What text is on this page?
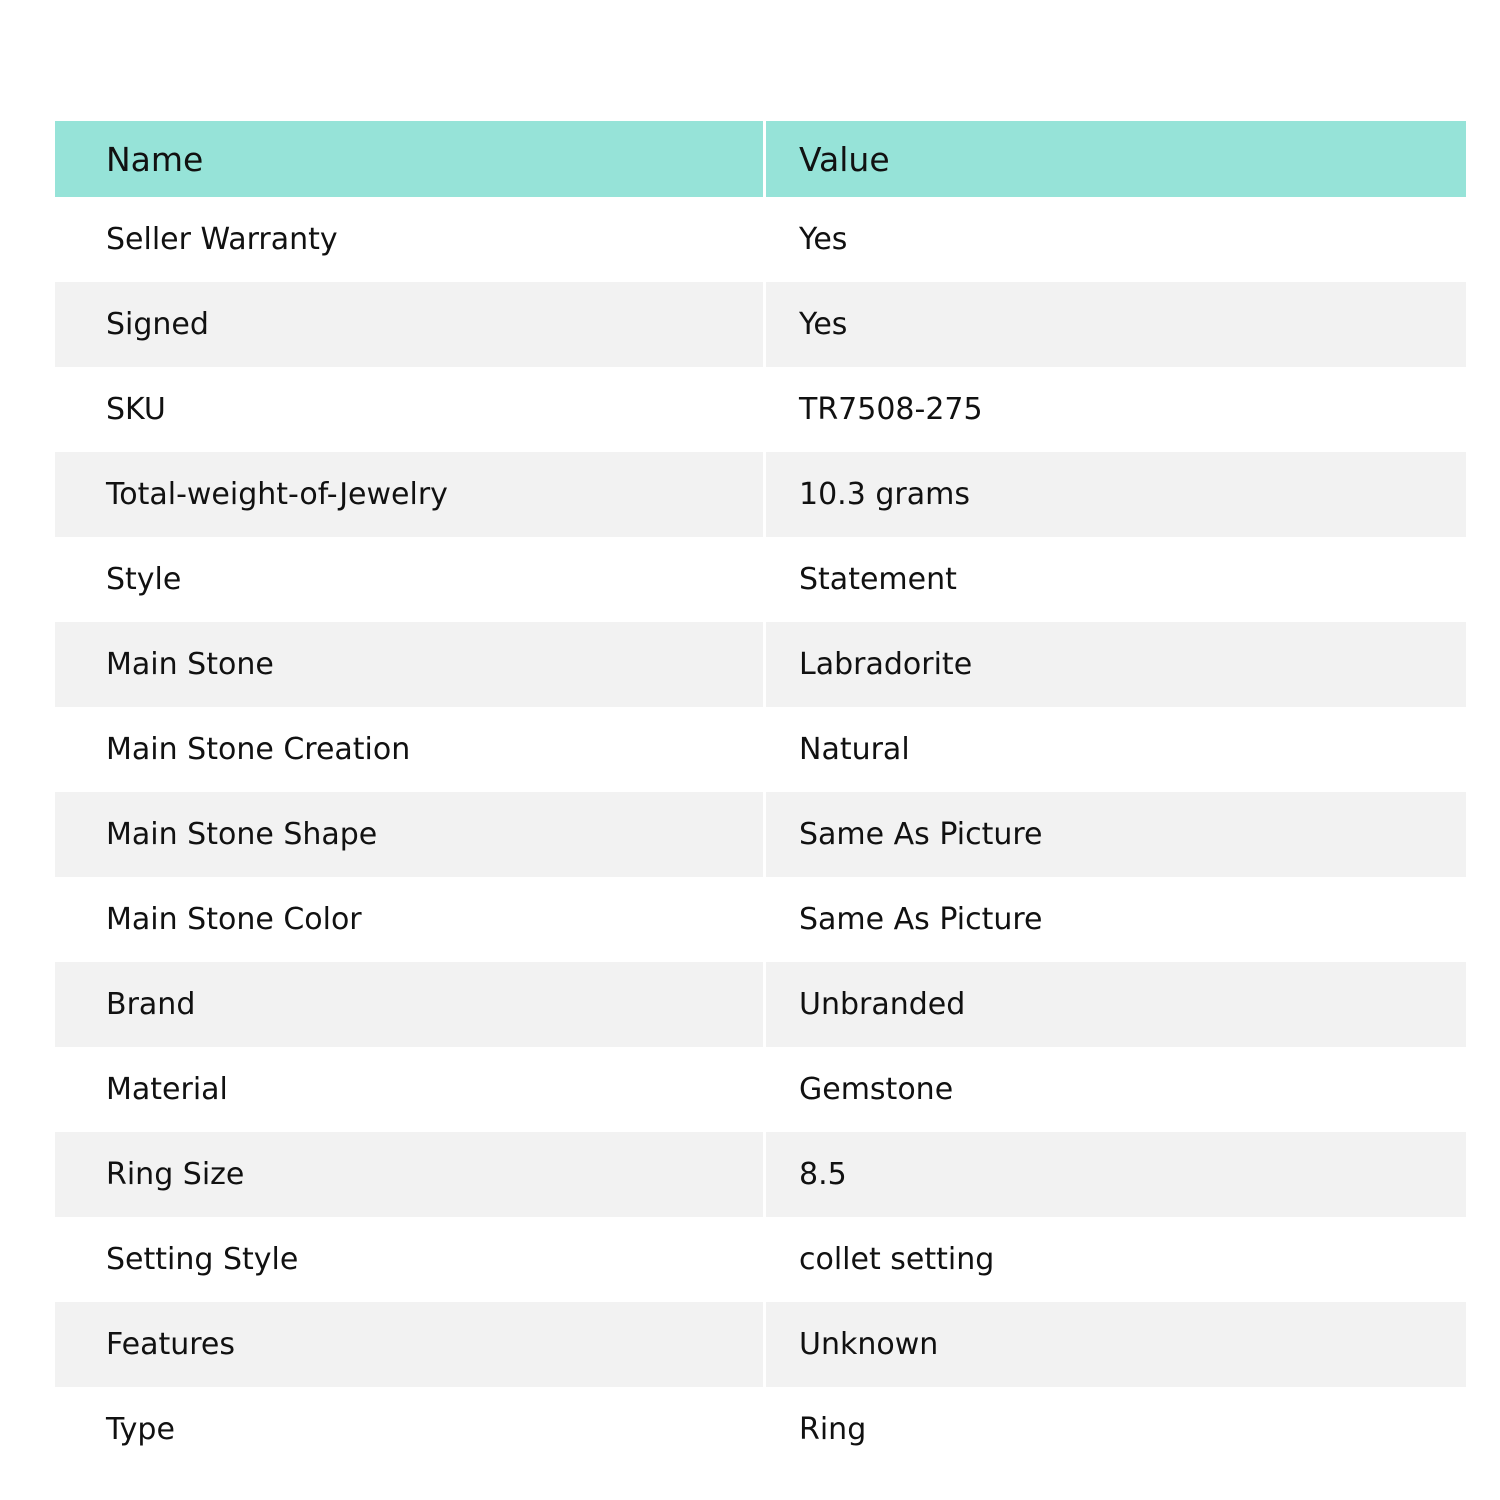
Name	Value
Seller Warranty	Yes
Signed	Yes
SKU	TR7508-275
Total-weight-of-Jewelry	10.3 grams
Style	Statement
Main Stone	Labradorite
Main Stone Creation	Natural
Main Stone Shape	Same As Picture
Main Stone Color	Same As Picture
Brand	Unbranded
Material	Gemstone
Ring Size	8.5
Setting Style	collet setting
Features	Unknown
Type	Ring
